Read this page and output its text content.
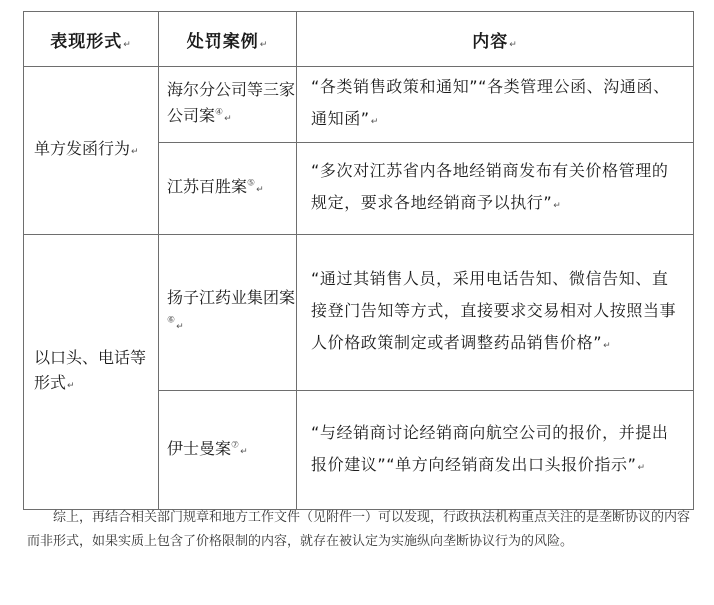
表现形式↵	处罚案例↵	内容↵
单方发函行为↵	海尔分公司等三家公司案④↵	“各类销售政策和通知”“各类管理公函、沟通函、通知函”↵
	江苏百胜案⑤↵	“多次对江苏省内各地经销商发布有关价格管理的规定，要求各地经销商予以执行”↵
以口头、电话等形式↵	扬子江药业集团案⑥↵	“通过其销售人员，采用电话告知、微信告知、直接登门告知等方式，直接要求交易相对人按照当事人价格政策制定或者调整药品销售价格”↵
	伊士曼案⑦↵	“与经销商讨论经销商向航空公司的报价，并提出报价建议”“单方向经销商发出口头报价指示”↵

综上，再结合相关部门规章和地方工作文件（见附件一）可以发现，行政执法机构重点关注的是垄断协议的内容而非形式，如果实质上包含了价格限制的内容，就存在被认定为实施纵向垄断协议行为的风险。
